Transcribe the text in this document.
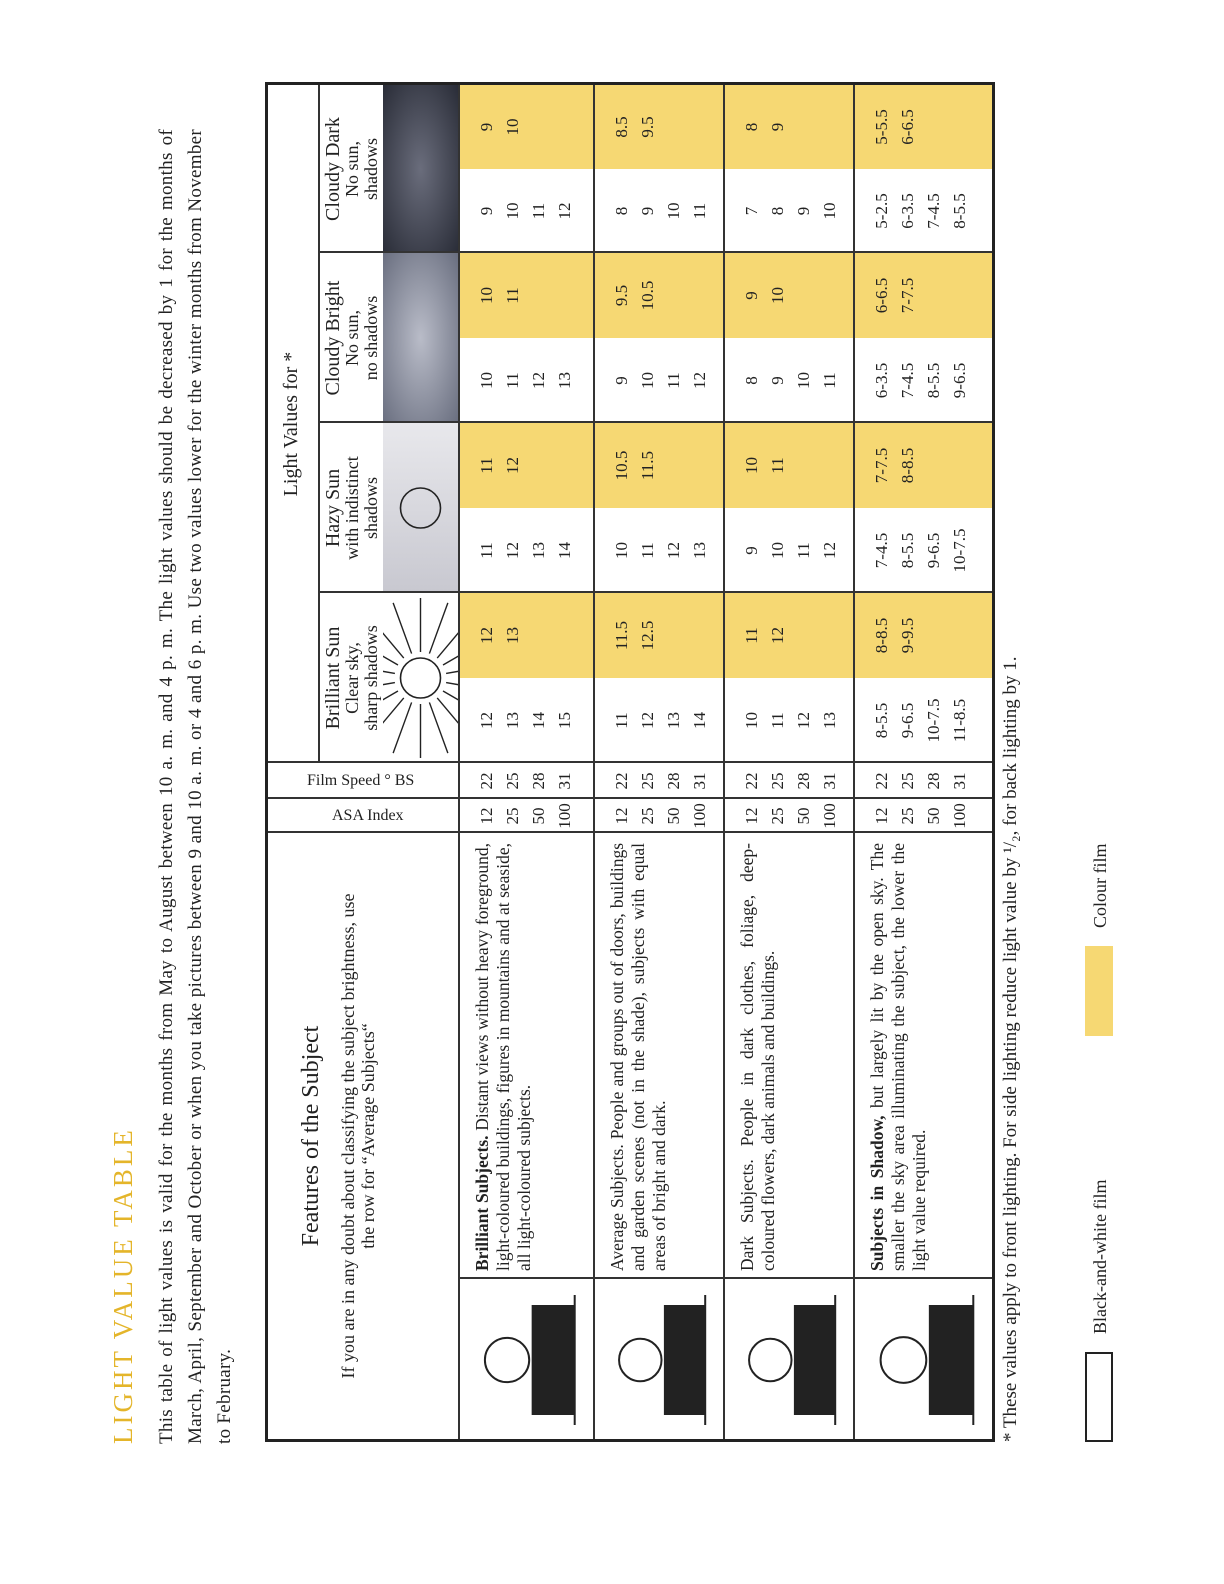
LIGHT VALUE TABLE This table of light values is valid for the months from May to August between 10 a. m. and 4 p. m. The light values should be decreased by 1 for the months of March, April, September and October or when you take pictures between 9 and 10 a. m. or 4 and 6 p. m. Use two values lower for the winter months from November to February.
Features of the Subject If you are in any doubt about classifying the subject brightness, use the row for “Average Subjects“
ASA Index
Film Speed ° BS
Light Values for *
Brilliant Sun
Clear sky, sharp shadows
Hazy Sun
with indistinct shadows
Cloudy Bright
No sun, no shadows
Cloudy Dark
No sun, shadows
Brilliant Subjects. Distant views without heavy foreground, light-coloured buildings, figures in mountains and at seaside, all light-coloured subjects.
12 25 50 100
22 25 28 31
12 13 14 15
12 13
11 12 13 14
11 12
10 11 12 13
10 11
9 10 11 12
9 10
Average Subjects. People and groups out of doors, buildings and garden scenes (not in the shade), subjects with equal areas of bright and dark.
12 25 50 100
22 25 28 31
11 12 13 14
11.5 12.5
10 11 12 13
10.5 11.5
9 10 11 12
9.5 10.5
8 9 10 11
8.5 9.5
Dark Subjects. People in dark clothes, foliage, deep-coloured flowers, dark animals and buildings.
12 25 50 100
22 25 28 31
10 11 12 13
11 12
9 10 11 12
10 11
8 9 10 11
9 10
7 8 9 10
8 9
Subjects in Shadow, but largely lit by the open sky. The smaller the sky area illuminating the subject, the lower the light value required.
12 25 50 100
22 25 28 31
8-5.5 9-6.5 10-7.5 11-8.5
8-8.5 9-9.5
7-4.5 8-5.5 9-6.5 10-7.5
7-7.5 8-8.5
6-3.5 7-4.5 8-5.5 9-6.5
6-6.5 7-7.5
5-2.5 6-3.5 7-4.5 8-5.5
5-5.5 6-6.5
* These values apply to front lighting. For side lighting reduce light value by ¹/₂, for back lighting by 1.	Black-and-white film
Colour film
